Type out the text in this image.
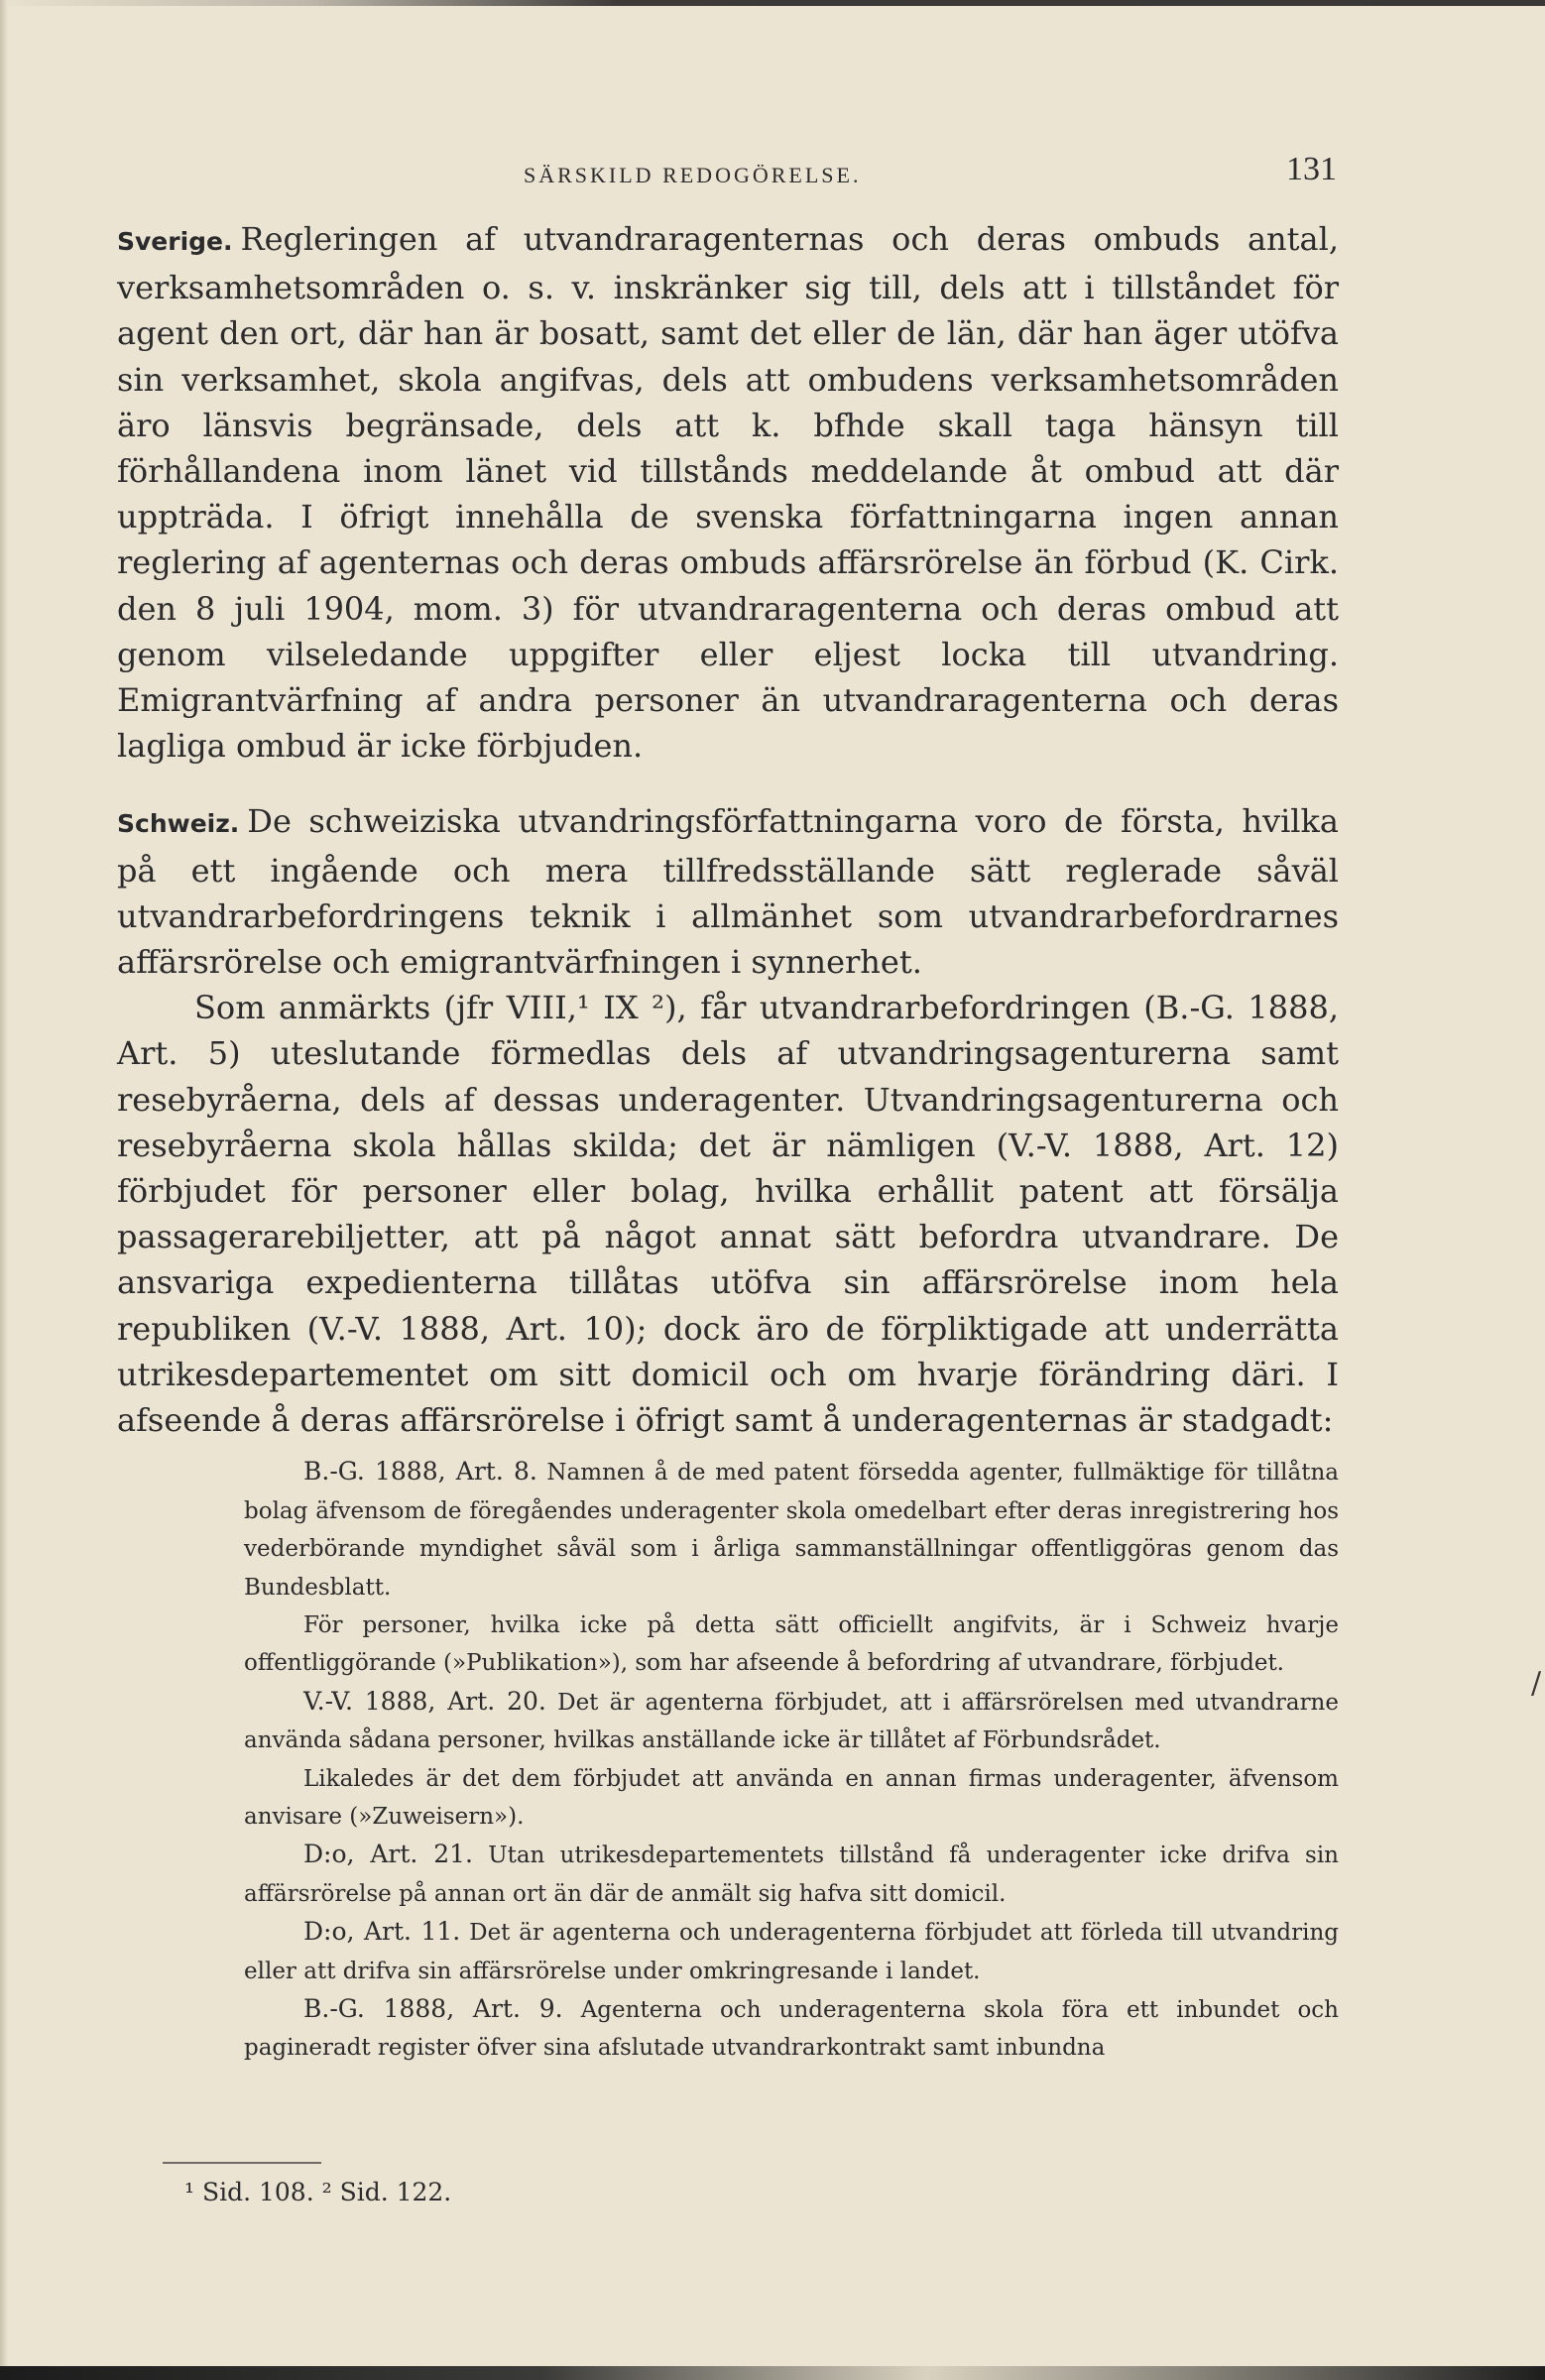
SÄRSKILD REDOGÖRELSE.	131

Sverige. Regleringen af utvandraragenternas och deras ombuds antal, verksamhetsområden o. s. v. inskränker sig till, dels att i tillståndet för agent den ort, där han är bosatt, samt det eller de län, där han äger utöfva sin verksamhet, skola angifvas, dels att ombudens verksamhetsområden äro länsvis begränsade, dels att k. bfhde skall taga hänsyn till förhållandena inom länet vid tillstånds meddelande åt ombud att där uppträda. I öfrigt innehålla de svenska författningarna ingen annan reglering af agenternas och deras ombuds affärsrörelse än förbud (K. Cirk. den 8 juli 1904, mom. 3) för utvandraragenterna och deras ombud att genom vilseledande uppgifter eller eljest locka till utvandring. Emigrantvärfning af andra personer än utvandraragenterna och deras lagliga ombud är icke förbjuden.

Schweiz. De schweiziska utvandringsförfattningarna voro de första, hvilka på ett ingående och mera tillfredsställande sätt reglerade såväl utvandrarbefordringens teknik i allmänhet som utvandrarbefordrarnes affärsrörelse och emigrantvärfningen i synnerhet.

Som anmärkts (jfr VIII,¹ IX ²), får utvandrarbefordringen (B.-G. 1888, Art. 5) uteslutande förmedlas dels af utvandringsagenturerna samt resebyråerna, dels af dessas underagenter. Utvandringsagenturerna och resebyråerna skola hållas skilda; det är nämligen (V.-V. 1888, Art. 12) förbjudet för personer eller bolag, hvilka erhållit patent att försälja passagerarebiljetter, att på något annat sätt befordra utvandrare. De ansvariga expedienterna tillåtas utöfva sin affärsrörelse inom hela republiken (V.-V. 1888, Art. 10); dock äro de förpliktigade att underrätta utrikesdepartementet om sitt domicil och om hvarje förändring däri. I afseende å deras affärsrörelse i öfrigt samt å underagenternas är stadgadt:

B.-G. 1888, Art. 8. Namnen å de med patent försedda agenter, fullmäktige för tillåtna bolag äfvensom de föregåendes underagenter skola omedelbart efter deras inregistrering hos vederbörande myndighet såväl som i årliga sammanställningar offentliggöras genom das Bundesblatt.

För personer, hvilka icke på detta sätt officiellt angifvits, är i Schweiz hvarje offentliggörande (»Publikation»), som har afseende å befordring af utvandrare, förbjudet.

V.-V. 1888, Art. 20. Det är agenterna förbjudet, att i affärsrörelsen med utvandrarne använda sådana personer, hvilkas anställande icke är tillåtet af Förbundsrådet.

Likaledes är det dem förbjudet att använda en annan firmas underagenter, äfvensom anvisare (»Zuweisern»).

D:o, Art. 21. Utan utrikesdepartementets tillstånd få underagenter icke drifva sin affärsrörelse på annan ort än där de anmält sig hafva sitt domicil.

D:o, Art. 11. Det är agenterna och underagenterna förbjudet att förleda till utvandring eller att drifva sin affärsrörelse under omkringresande i landet.

B.-G. 1888, Art. 9. Agenterna och underagenterna skola föra ett inbundet och pagineradt register öfver sina afslutade utvandrarkontrakt samt inbundna

¹ Sid. 108. ² Sid. 122.
/
